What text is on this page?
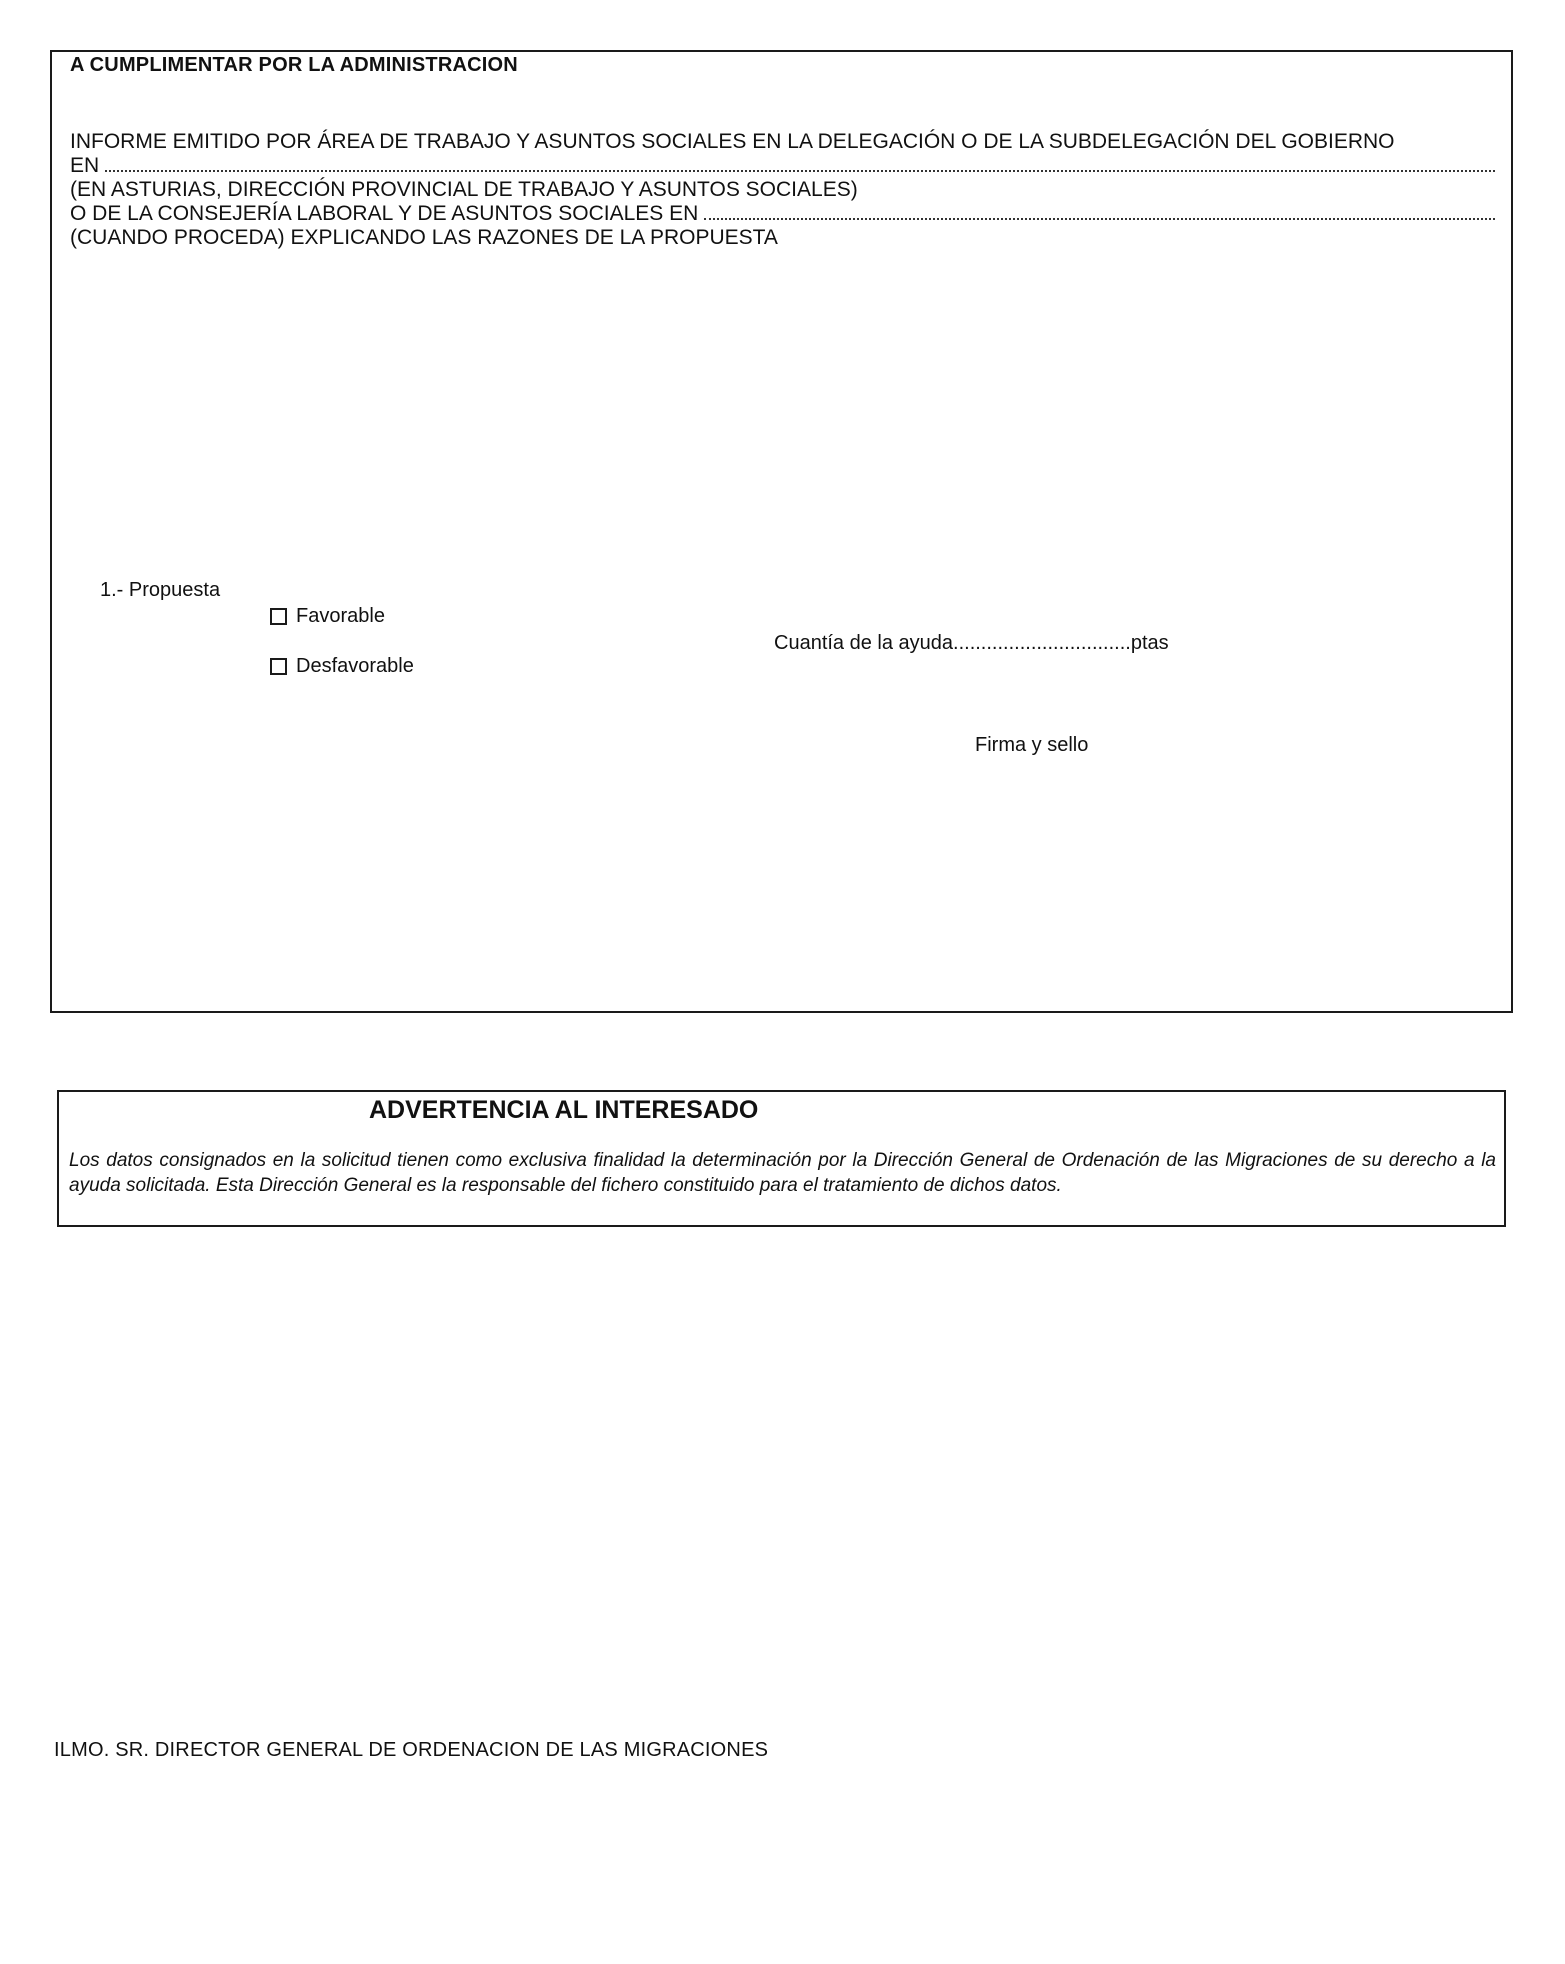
A CUMPLIMENTAR POR LA ADMINISTRACION
INFORME EMITIDO POR ÁREA DE TRABAJO Y ASUNTOS SOCIALES EN LA DELEGACIÓN O DE LA SUBDELEGACIÓN DEL GOBIERNO
EN
(EN ASTURIAS, DIRECCIÓN PROVINCIAL DE TRABAJO Y ASUNTOS SOCIALES)
O DE LA CONSEJERÍA LABORAL Y DE ASUNTOS SOCIALES EN
(CUANDO PROCEDA) EXPLICANDO LAS RAZONES DE LA PROPUESTA
1.- Propuesta
Favorable
Desfavorable
Cuantía de la ayuda................................ptas
Firma y sello
ADVERTENCIA AL INTERESADO
Los datos consignados en la solicitud tienen como exclusiva finalidad la determinación por la Dirección General de Ordenación de las Migraciones de su derecho a la ayuda solicitada. Esta Dirección General es la responsable del fichero constituido para el tratamiento de dichos datos.
ILMO. SR. DIRECTOR GENERAL DE ORDENACION DE LAS MIGRACIONES
